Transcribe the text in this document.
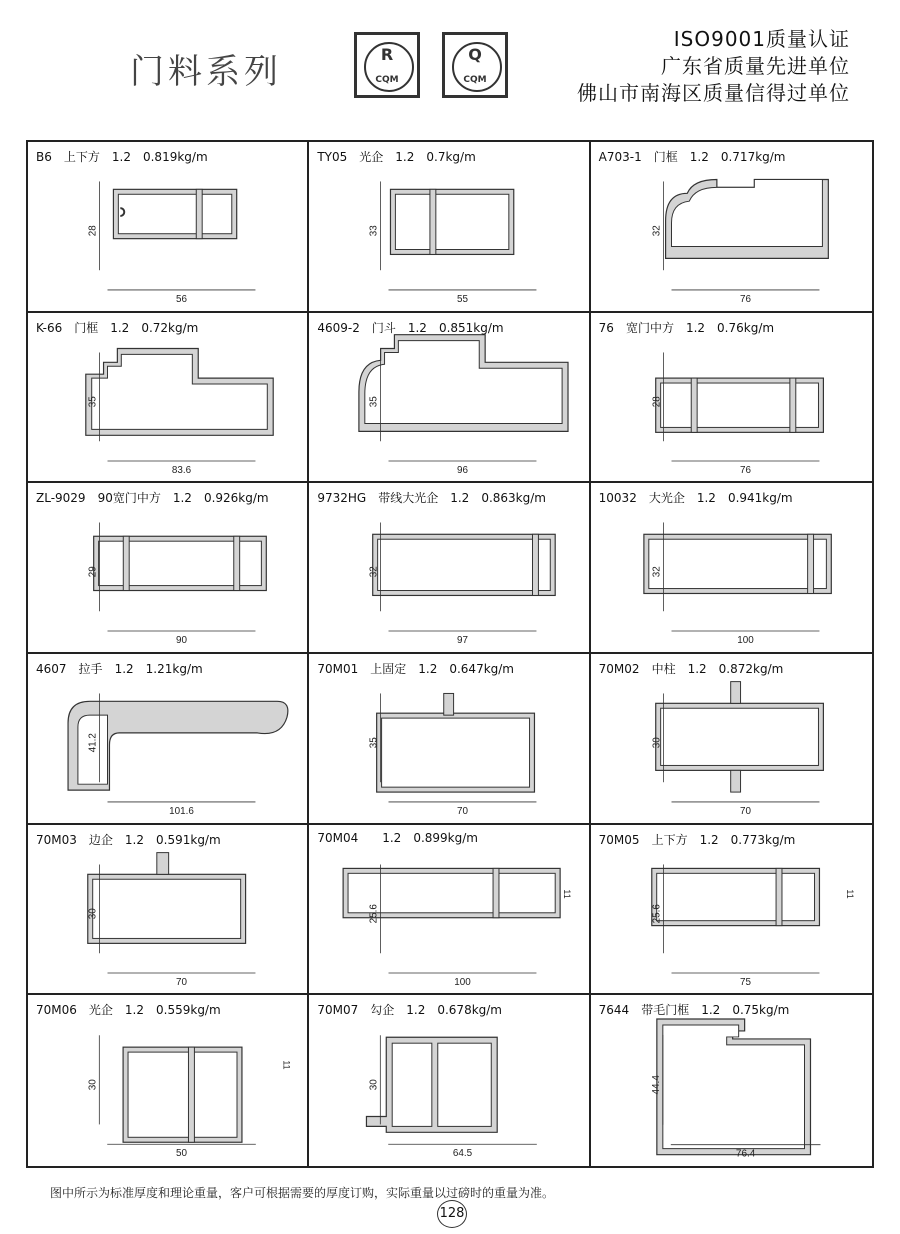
门料系列	R
CQM
Q
CQM
ISO9001质量认证
广东省质量先进单位
佛山市南海区质量信得过单位
56
28
B6 上下方 1.2 0.819kg/m
55
33
TY05 光企 1.2 0.7kg/m
76
32
A703-1 门框 1.2 0.717kg/m
83.6
35
K-66 门框 1.2 0.72kg/m
96
35
4609-2 门斗 1.2 0.851kg/m
76
28
76 宽门中方 1.2 0.76kg/m
90
29
ZL-9029 90宽门中方 1.2 0.926kg/m
97
32
9732HG 带线大光企 1.2 0.863kg/m
100
32
10032 大光企 1.2 0.941kg/m
101.6
41.2
4607 拉手 1.2 1.21kg/m
70
35
70M01 上固定 1.2 0.647kg/m
70
30
70M02 中柱 1.2 0.872kg/m
70
30
70M03 边企 1.2 0.591kg/m
100
25.6
11
70M04 1.2 0.899kg/m
75
25.6
11
70M05 上下方 1.2 0.773kg/m
50
30
11
70M06 光企 1.2 0.559kg/m
64.5
30
70M07 勾企 1.2 0.678kg/m
76.4
44.4
7644 带毛门框 1.2 0.75kg/m
图中所示为标准厚度和理论重量，客户可根据需要的厚度订购，实际重量以过磅时的重量为准。
128
